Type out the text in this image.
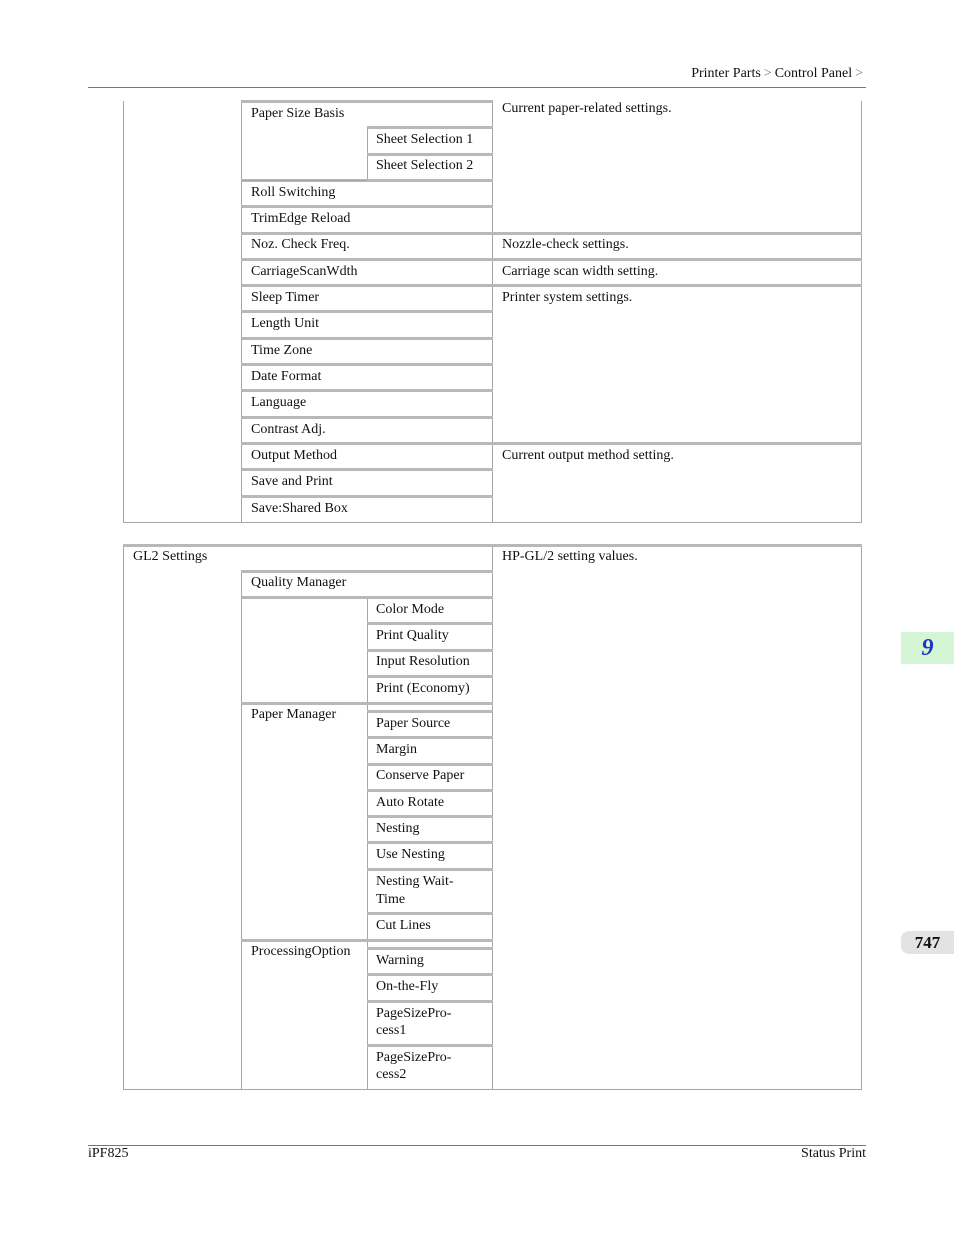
Printer Parts > Control Panel >
Paper Size Basis
Roll Switching
TrimEdge Reload
Noz. Check Freq.
CarriageScanWdth
Sleep Timer
Length Unit
Time Zone
Date Format
Language
Contrast Adj.
Output Method
Save and Print
Save:Shared Box
Sheet Selection 1
Sheet Selection 2
Current paper-related settings.
Nozzle-check settings.
Carriage scan width setting.
Printer system settings.
Current output method setting.
GL2 Settings	HP-GL/2 setting values.
Quality Manager
Paper Manager
ProcessingOption
Color Mode
Print Quality
Input Resolution
Print (Economy)
Paper Source
Margin
Conserve Paper
Auto Rotate
Nesting
Use Nesting
Nesting Wait-
Time
Cut Lines
Warning
On-the-Fly
PageSizePro-
cess1
PageSizePro-
cess2
9
747
iPF825	Status Print
